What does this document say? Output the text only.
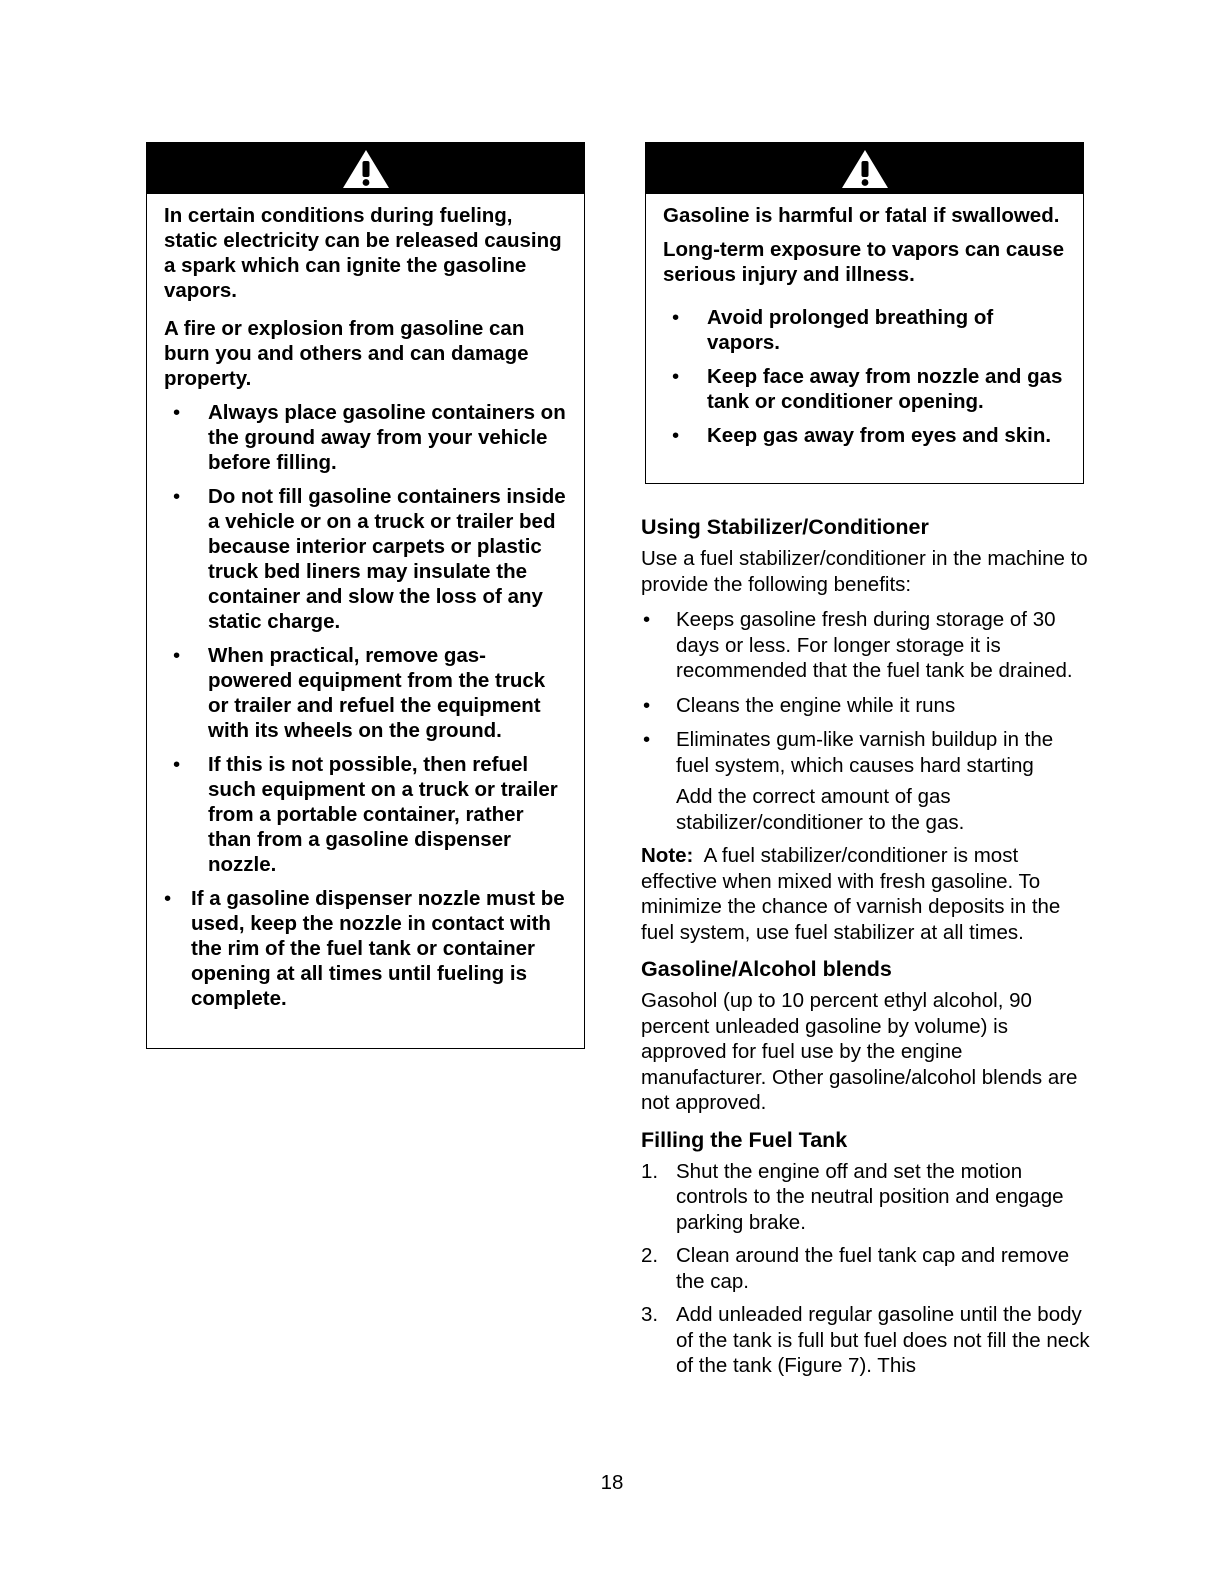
In certain conditions during fueling, static electricity can be released causing a spark which can ignite the gasoline vapors.

A fire or explosion from gasoline can burn you and others and can damage property.

• Always place gasoline containers on the ground away from your vehicle before filling.
• Do not fill gasoline containers inside a vehicle or on a truck or trailer bed because interior carpets or plastic truck bed liners may insulate the container and slow the loss of any static charge.
• When practical, remove gas-powered equipment from the truck or trailer and refuel the equipment with its wheels on the ground.
• If this is not possible, then refuel such equipment on a truck or trailer from a portable container, rather than from a gasoline dispenser nozzle.
• If a gasoline dispenser nozzle must be used, keep the nozzle in contact with the rim of the fuel tank or container opening at all times until fueling is complete.

Gasoline is harmful or fatal if swallowed.

Long-term exposure to vapors can cause serious injury and illness.

• Avoid prolonged breathing of vapors.
• Keep face away from nozzle and gas tank or conditioner opening.
• Keep gas away from eyes and skin.
Using Stabilizer/Conditioner

Use a fuel stabilizer/conditioner in the machine to provide the following benefits:

• Keeps gasoline fresh during storage of 30 days or less. For longer storage it is recommended that the fuel tank be drained.
• Cleans the engine while it runs
• Eliminates gum-like varnish buildup in the fuel system, which causes hard starting

Add the correct amount of gas stabilizer/conditioner to the gas.

Note: A fuel stabilizer/conditioner is most effective when mixed with fresh gasoline. To minimize the chance of varnish deposits in the fuel system, use fuel stabilizer at all times.

Gasoline/Alcohol blends

Gasohol (up to 10 percent ethyl alcohol, 90 percent unleaded gasoline by volume) is approved for fuel use by the engine manufacturer. Other gasoline/alcohol blends are not approved.

Filling the Fuel Tank
1. Shut the engine off and set the motion controls to the neutral position and engage parking brake.
2. Clean around the fuel tank cap and remove the cap.
3. Add unleaded regular gasoline until the body of the tank is full but fuel does not fill the neck of the tank (Figure 7). This
18
